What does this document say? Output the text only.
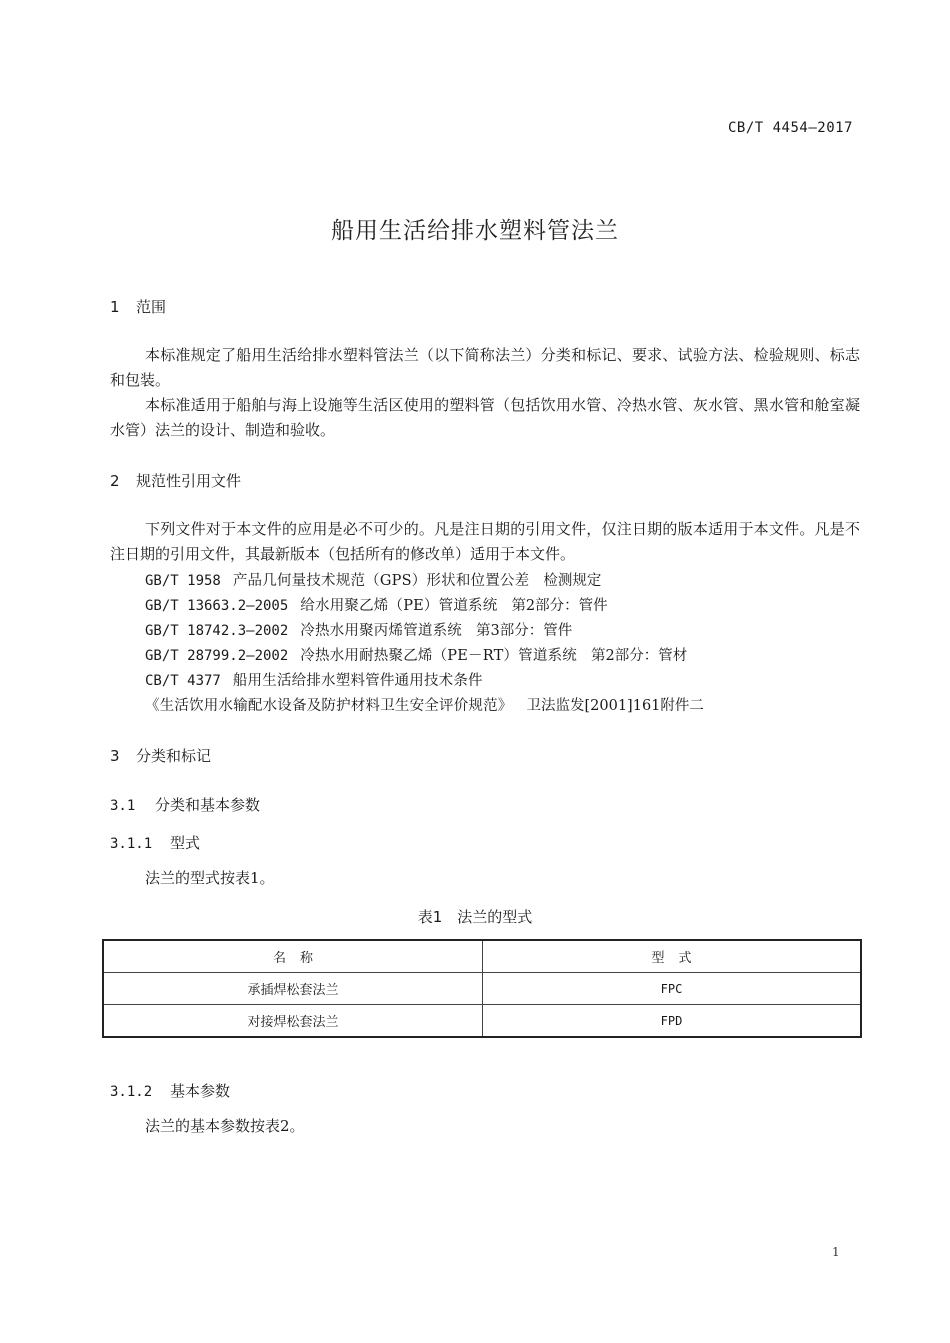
CB/T 4454—2017
船用生活给排水塑料管法兰
1 范围
本标准规定了船用生活给排水塑料管法兰（以下简称法兰）分类和标记、要求、试验方法、检验规则、标志和包装。
本标准适用于船舶与海上设施等生活区使用的塑料管（包括饮用水管、冷热水管、灰水管、黑水管和舱室凝水管）法兰的设计、制造和验收。
2 规范性引用文件
下列文件对于本文件的应用是必不可少的。凡是注日期的引用文件，仅注日期的版本适用于本文件。凡是不注日期的引用文件，其最新版本（包括所有的修改单）适用于本文件。
GB/T 1958 产品几何量技术规范（GPS）形状和位置公差 检测规定
GB/T 13663.2—2005 给水用聚乙烯（PE）管道系统 第2部分：管件
GB/T 18742.3—2002 冷热水用聚丙烯管道系统 第3部分：管件
GB/T 28799.2—2002 冷热水用耐热聚乙烯（PE－RT）管道系统 第2部分：管材
CB/T 4377 船用生活给排水塑料管件通用技术条件
《生活饮用水输配水设备及防护材料卫生安全评价规范》 卫法监发[2001]161附件二
3 分类和标记
3.1 分类和基本参数
3.1.1 型式
法兰的型式按表1。
表1　法兰的型式
名称	型式
承插焊松套法兰	FPC
对接焊松套法兰	FPD
3.1.2 基本参数
法兰的基本参数按表2。
1
